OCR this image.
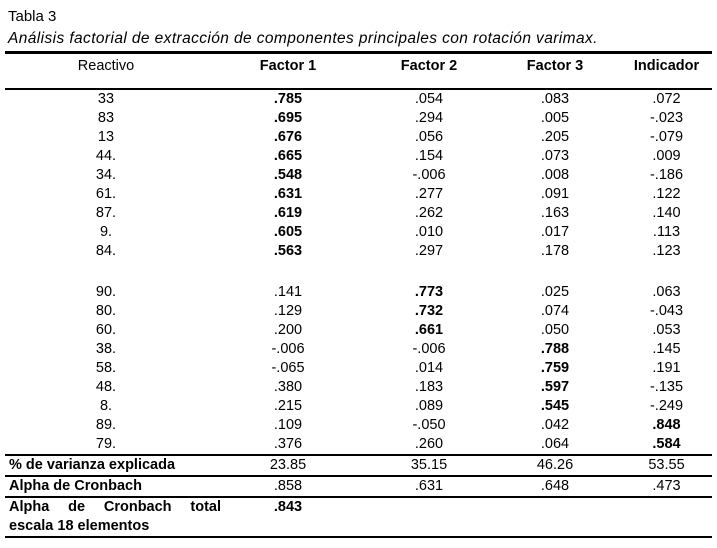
Tabla 3
Análisis factorial de extracción de componentes principales con rotación varimax.
Reactivo	Factor 1	Factor 2	Factor 3	Indicador
33	.785	.054	.083	.072
83	.695	.294	.005	-.023
13	.676	.056	.205	-.079
44.	.665	.154	.073	.009
34.	.548	-.006	.008	-.186
61.	.631	.277	.091	.122
87.	.619	.262	.163	.140
9.	.605	.010	.017	.113
84.	.563	.297	.178	.123

90.	.141	.773	.025	.063
80.	.129	.732	.074	-.043
60.	.200	.661	.050	.053
38.	-.006	-.006	.788	.145
58.	-.065	.014	.759	.191
48.	.380	.183	.597	-.135
8.	.215	.089	.545	-.249
89.	.109	-.050	.042	.848
79.	.376	.260	.064	.584
% de varianza explicada	23.85	35.15	46.26	53.55
Alpha de Cronbach	.858	.631	.648	.473

Alpha de Cronbach total
escala 18 elementos	.843			
